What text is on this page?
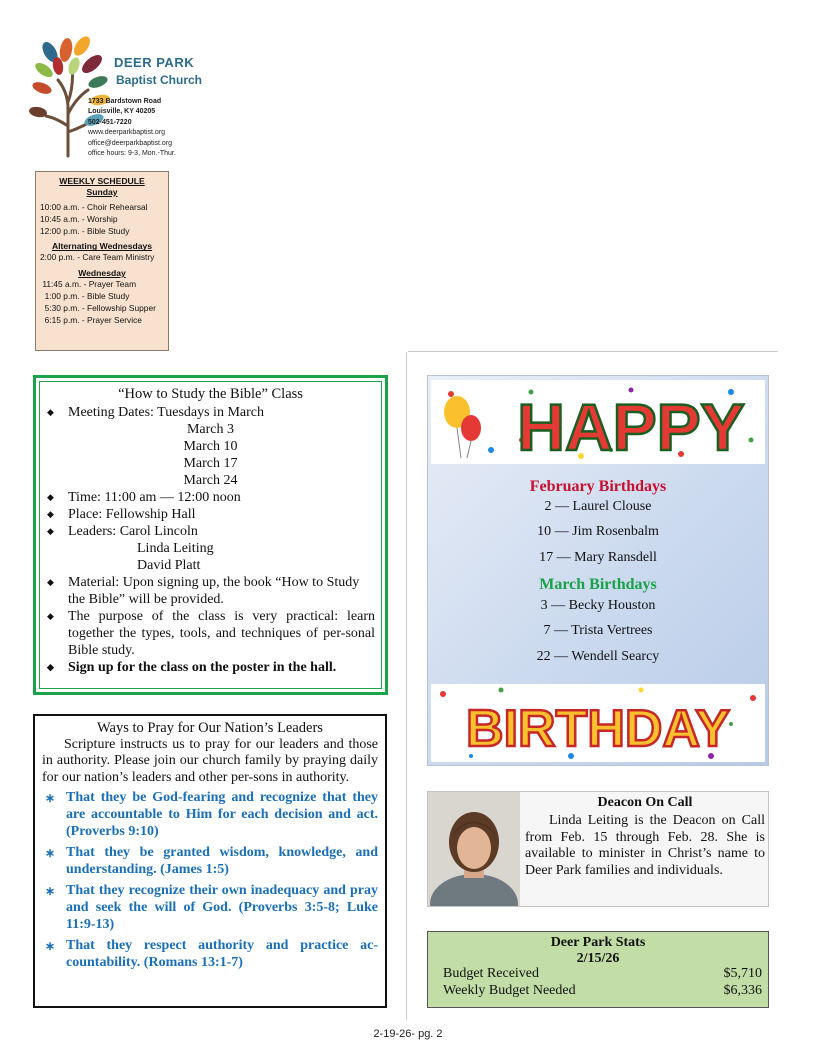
DEER PARK
Baptist Church
1733 Bardstown Road
Louisville, KY 40205
502-451-7220
www.deerparkbaptist.org
office@deerparkbaptist.org
office hours: 9-3, Mon.-Thur.
WEEKLY SCHEDULE
Sunday
10:00 a.m. - Choir Rehearsal
10:45 a.m. - Worship
12:00 p.m. - Bible Study
Alternating Wednesdays
2:00 p.m. - Care Team Ministry
Wednesday
11:45 a.m. - Prayer Team
1:00 p.m. - Bible Study
5:30 p.m. - Fellowship Supper
6:15 p.m. - Prayer Service
“How to Study the Bible” Class
◆ Meeting Dates: Tuesdays in March
March 3
March 10
March 17
March 24
◆ Time: 11:00 am — 12:00 noon
◆ Place: Fellowship Hall
◆ Leaders: Carol Lincoln
Linda Leiting
David Platt
◆ Material: Upon signing up, the book “How to Study the Bible” will be provided.
◆ The purpose of the class is very practical: learn together the types, tools, and techniques of per-sonal Bible study.
◆ Sign up for the class on the poster in the hall.
Ways to Pray for Our Nation’s Leaders
Scripture instructs us to pray for our leaders and those in authority. Please join our church family by praying daily for our nation’s leaders and other per-sons in authority.
∗ That they be God-fearing and recognize that they are accountable to Him for each decision and act. (Proverbs 9:10)
∗ That they be granted wisdom, knowledge, and understanding. (James 1:5)
∗ That they recognize their own inadequacy and pray and seek the will of God. (Proverbs 3:5-8; Luke 11:9-13)
∗ That they respect authority and practice ac-countability. (Romans 13:1-7)
HAPPY
February Birthdays
2 — Laurel Clouse
10 — Jim Rosenbalm
17 — Mary Ransdell
March Birthdays
3 — Becky Houston
7 — Trista Vertrees
22 — Wendell Searcy
BIRTHDAY
Deacon On Call
Linda Leiting is the Deacon on Call from Feb. 15 through Feb. 28. She is available to minister in Christ’s name to Deer Park families and individuals.
Deer Park Stats
2/15/26
Budget Received	$5,710
Weekly Budget Needed	$6,336
2-19-26- pg. 2
